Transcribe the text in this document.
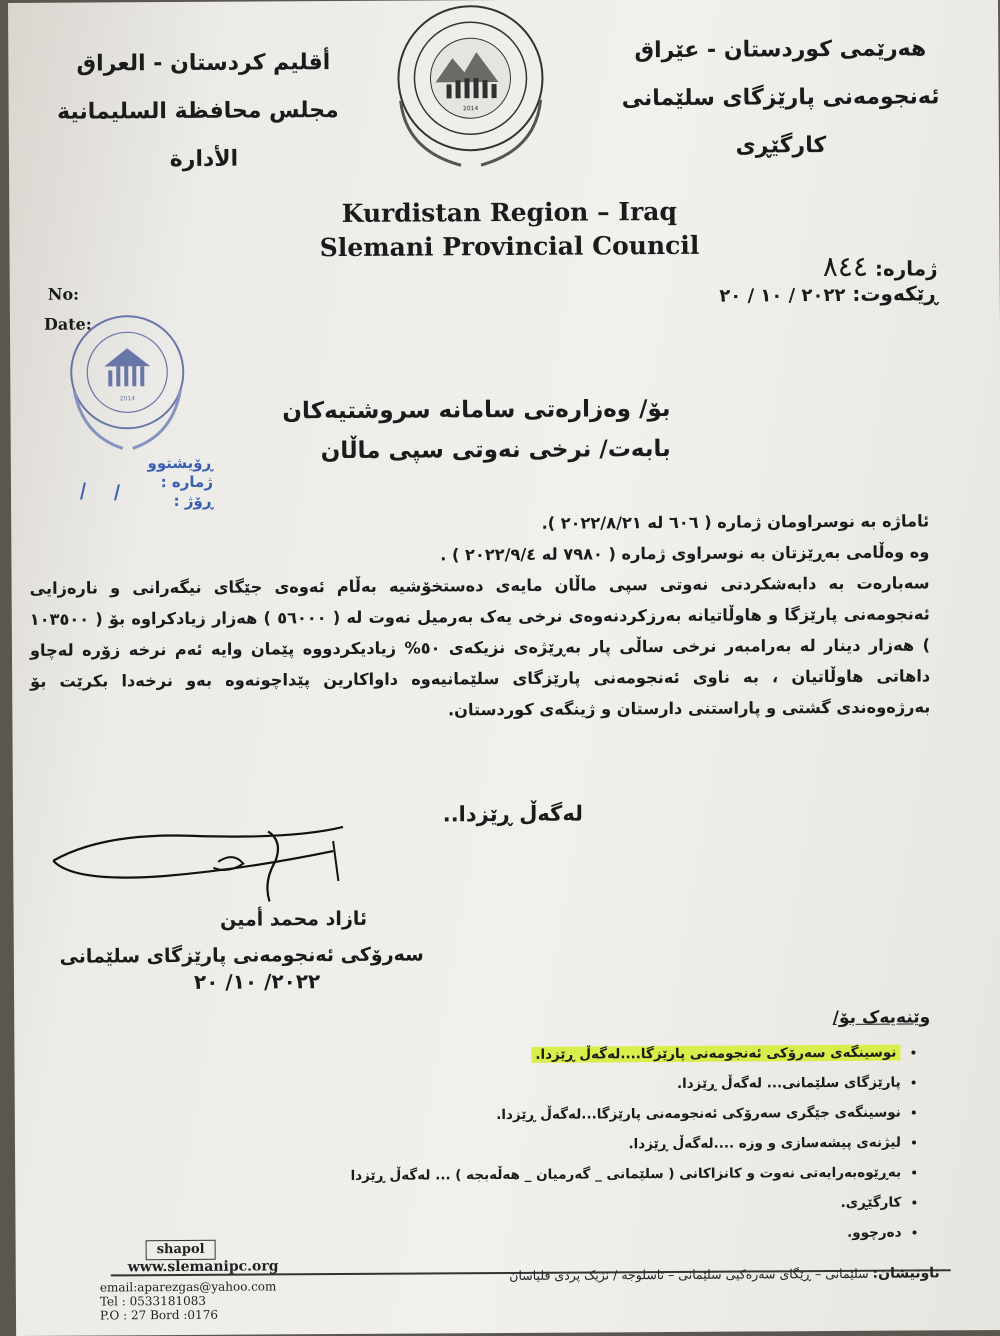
2014
أقليم كردستان - العراق
مجلس محافظة السليمانية
الأدارة
هەرێمی کوردستان - عێراق
ئەنجومەنی پارێزگای سلێمانی
کارگێڕی
Kurdistan Region – Iraq
Slemani Provincial Council
No:
Date:
ژمارە: ٨٤٤
ڕێکەوت: ٢٠٢٢ / ١٠ / ٢٠
2014
ڕۆیشتوو
ژمارە :
ڕۆژ :
بۆ/ وەزارەتی سامانە سروشتیەکان
بابەت/ نرخی نەوتی سپی ماڵان

ئاماژە بە نوسراومان ژمارە ( ٦٠٦ لە ٢٠٢٢/٨/٢١ ).

وە وەڵامی بەڕێزتان بە نوسراوی ژمارە ( ٧٩٨٠ لە ٢٠٢٢/٩/٤ ) .

سەبارەت بە دابەشکردنی نەوتی سپی ماڵان مایەی دەستخۆشیە بەڵام ئەوەی جێگای نیگەرانی و نارەزایی ئەنجومەنی پارێزگا و هاوڵاتیانە بەرزکردنەوەی نرخی یەک بەرمیل نەوت لە ( ٥٦٠٠٠ ) هەزار زیادکراوە بۆ ( ١٠٣٥٠٠ ) هەزار دینار لە بەرامبەر نرخی ساڵی پار بەڕێژەی نزیکەی ٥٠% زیادیکردووە پێمان وایە ئەم نرخە زۆرە لەچاو داهاتی هاوڵاتیان ، بە ناوی ئەنجومەنی پارێزگای سلێمانیەوە داواکارین پێداچونەوە بەو نرخەدا بکرێت بۆ بەرژەوەندی گشتی و پاراستنی دارستان و ژینگەی کوردستان.

لەگەڵ ڕێزدا..
ئازاد محمد أمین
سەرۆکی ئەنجومەنی پارێزگای سلێمانی
٢٠٢٢/ ١٠/ ٢٠
وێنەیەک بۆ/
• نوسینگەی سەرۆکی ئەنجومەنی پارێزگا....لەگەڵ ڕێزدا.
• پارێزگای سلێمانی... لەگەڵ ڕێزدا.
• نوسینگەی جێگری سەرۆکی ئەنجومەنی پارێزگا...لەگەڵ ڕێزدا.
• لیژنەی پیشەسازی و وزە ....لەگەڵ ڕێزدا.
• بەڕێوەبەرایەتی نەوت و کانزاکانی ( سلێمانی _ گەرمیان _ هەڵەبجە ) ... لەگەڵ ڕێزدا
• کارگێڕی.
• دەرچوو.
shapol
www.slemanipc.org
email:aparezgas@yahoo.com
Tel : 0533181083
P.O : 27 Bord :0176
ناونیشان: سلێمانی – ڕێگای سەرەکیی سلێمانی – تاسلوجە / نزیک پردی قلیاسان
